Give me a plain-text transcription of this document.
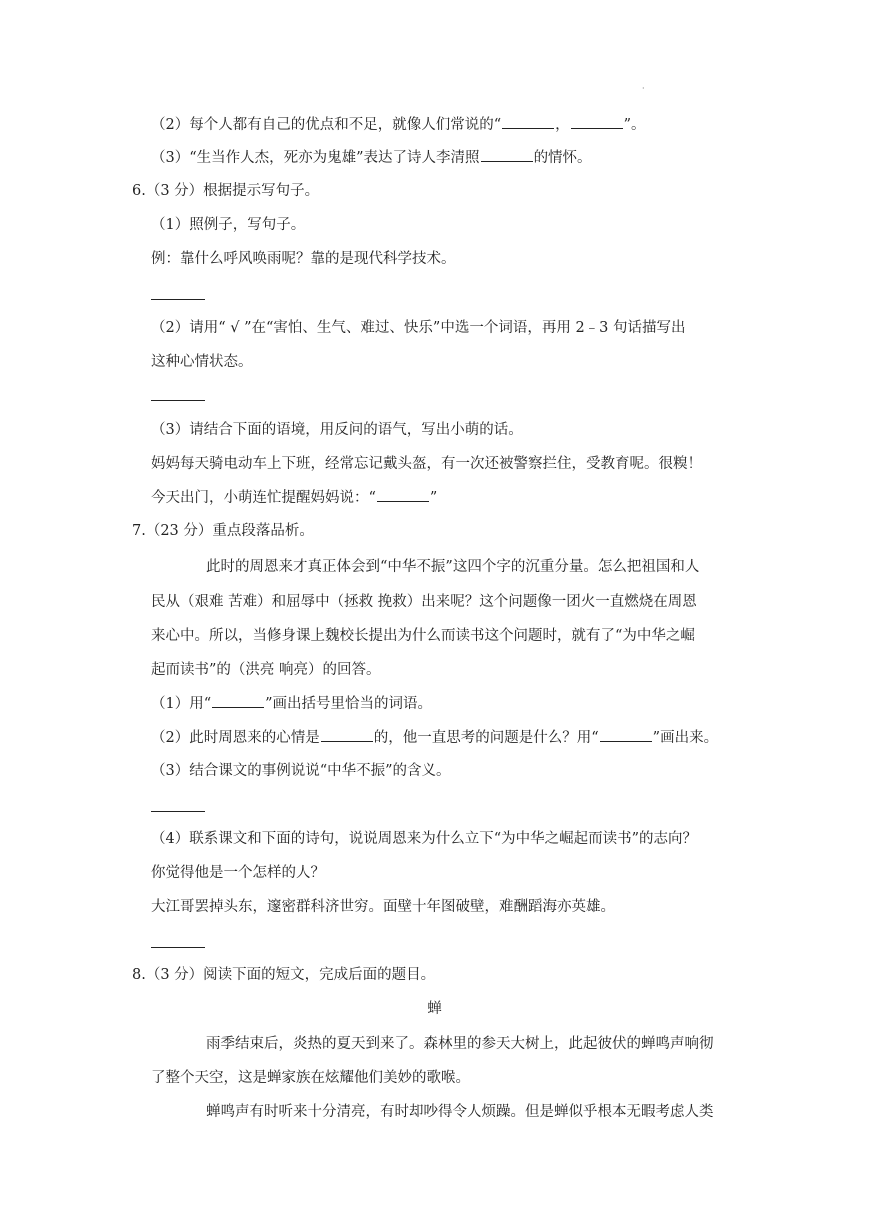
·
（2）每个人都有自己的优点和不足，就像人们常说的“	，	”。
（3）“生当作人杰，死亦为鬼雄”表达了诗人李清照	的情怀。
6.（3 分）根据提示写句子。
（1）照例子，写句子。
例：靠什么呼风唤雨呢？靠的是现代科学技术。
（2）请用“ √ ”在“害怕、生气、难过、快乐”中选一个词语，再用 2﹣3 句话描写出
这种心情状态。
（3）请结合下面的语境，用反问的语气，写出小萌的话。
妈妈每天骑电动车上下班，经常忘记戴头盔，有一次还被警察拦住，受教育呢。很糗！
今天出门，小萌连忙提醒妈妈说：“	”
7.（23 分）重点段落品析。
此时的周恩来才真正体会到“中华不振”这四个字的沉重分量。怎么把祖国和人
民从（艰难 苦难）和屈辱中（拯救 挽救）出来呢？这个问题像一团火一直燃烧在周恩
来心中。所以，当修身课上魏校长提出为什么而读书这个问题时，就有了“为中华之崛
起而读书”的（洪亮 响亮）的回答。
（1）用“	”画出括号里恰当的词语。
（2）此时周恩来的心情是	的，他一直思考的问题是什么？用“	”画出来。
（3）结合课文的事例说说“中华不振”的含义。
（4）联系课文和下面的诗句，说说周恩来为什么立下“为中华之崛起而读书”的志向？
你觉得他是一个怎样的人？
大江哥罢掉头东，邃密群科济世穷。面壁十年图破壁，难酬蹈海亦英雄。
8.（3 分）阅读下面的短文，完成后面的题目。
蝉
雨季结束后，炎热的夏天到来了。森林里的参天大树上，此起彼伏的蝉鸣声响彻
了整个天空，这是蝉家族在炫耀他们美妙的歌喉。
蝉鸣声有时听来十分清亮，有时却吵得令人烦躁。但是蝉似乎根本无暇考虑人类
